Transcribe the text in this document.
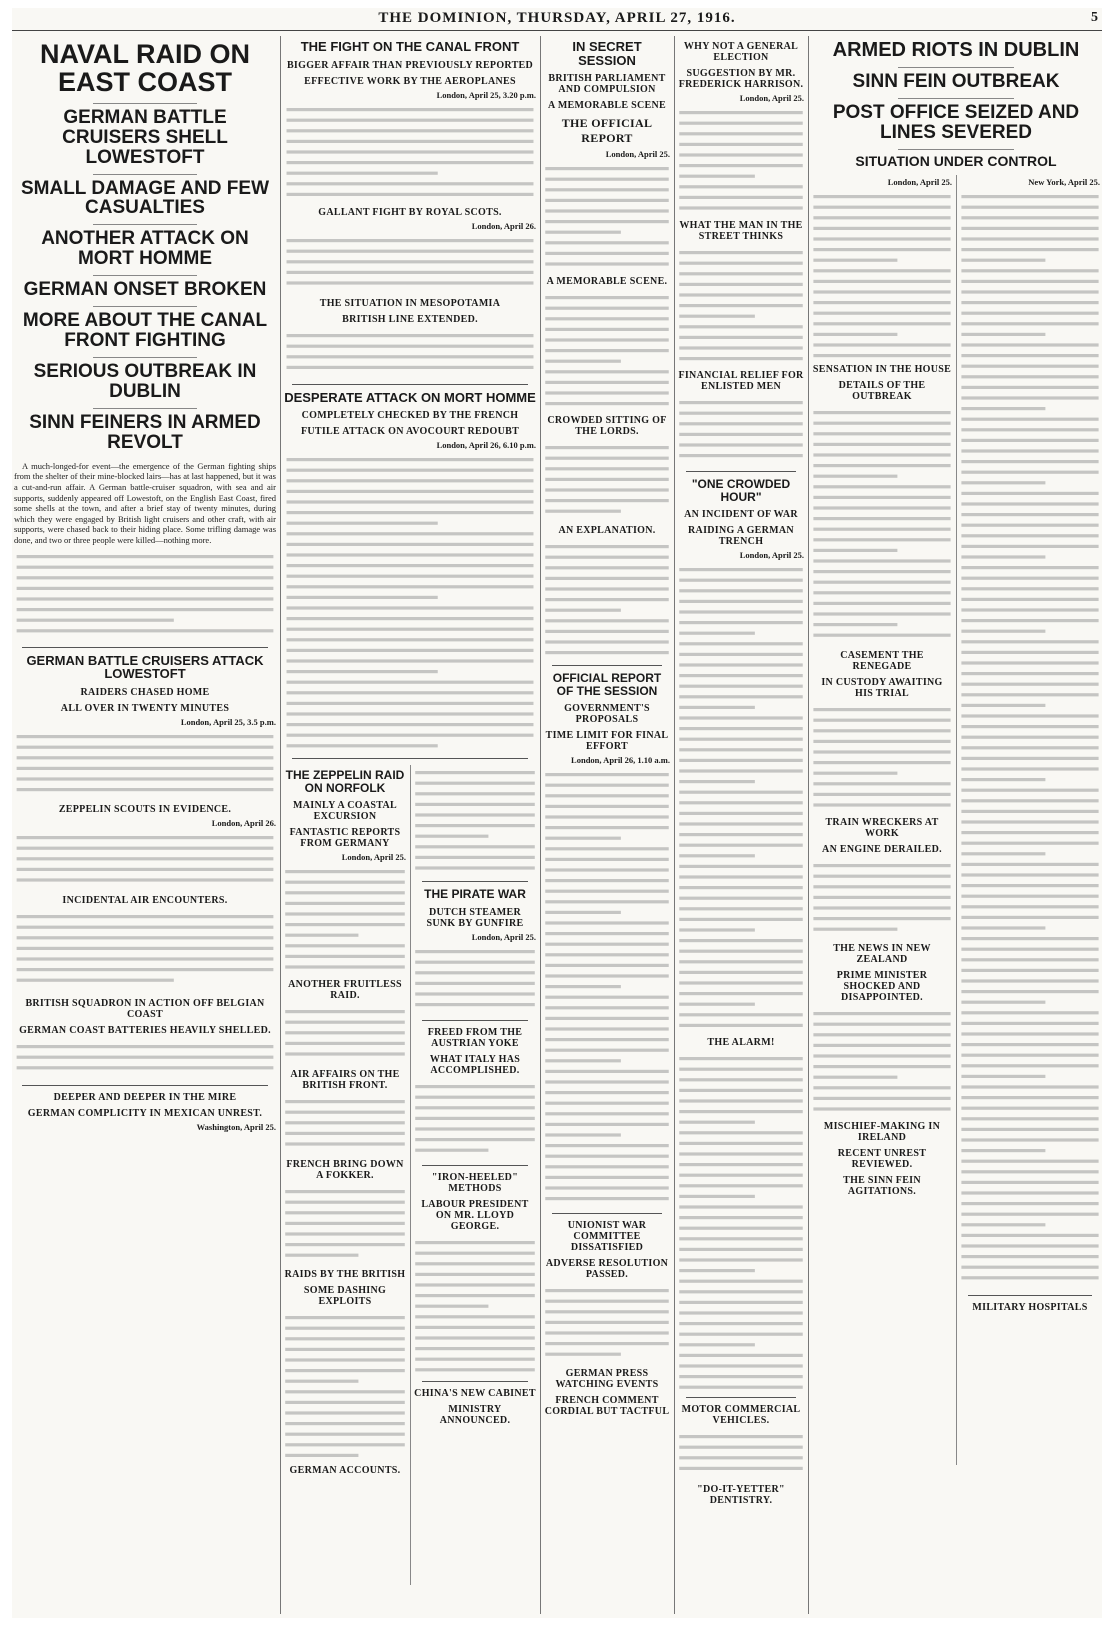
THE DOMINION, THURSDAY, APRIL 27, 1916.	5
NAVAL RAID ON EAST COAST
GERMAN BATTLE CRUISERS SHELL LOWESTOFT
SMALL DAMAGE AND FEW CASUALTIES
ANOTHER ATTACK ON MORT HOMME
GERMAN ONSET BROKEN
MORE ABOUT THE CANAL FRONT FIGHTING
SERIOUS OUTBREAK IN DUBLIN
SINN FEINERS IN ARMED REVOLT

A much-longed-for event—the emergence of the German fighting ships from the shelter of their mine-blocked lairs—has at last happened, but it was a cut-and-run affair. A German battle-cruiser squadron, with sea and air supports, suddenly appeared off Lowestoft, on the English East Coast, fired some shells at the town, and after a brief stay of twenty minutes, during which they were engaged by British light cruisers and other craft, with air supports, were chased back to their hiding place. Some trifling damage was done, and two or three people were killed—nothing more.

GERMAN BATTLE CRUISERS ATTACK LOWESTOFT
RAIDERS CHASED HOME
ALL OVER IN TWENTY MINUTES
London, April 25, 3.5 p.m.
ZEPPELIN SCOUTS IN EVIDENCE.
London, April 26.
INCIDENTAL AIR ENCOUNTERS.
BRITISH SQUADRON IN ACTION OFF BELGIAN COAST
GERMAN COAST BATTERIES HEAVILY SHELLED.
DEEPER AND DEEPER IN THE MIRE
GERMAN COMPLICITY IN MEXICAN UNREST.
Washington, April 25.
THE FIGHT ON THE CANAL FRONT
BIGGER AFFAIR THAN PREVIOUSLY REPORTED
EFFECTIVE WORK BY THE AEROPLANES
London, April 25, 3.20 p.m.
GALLANT FIGHT BY ROYAL SCOTS.
London, April 26.
THE SITUATION IN MESOPOTAMIA
BRITISH LINE EXTENDED.
DESPERATE ATTACK ON MORT HOMME
COMPLETELY CHECKED BY THE FRENCH
FUTILE ATTACK ON AVOCOURT REDOUBT
London, April 26, 6.10 p.m.
THE ZEPPELIN RAID ON NORFOLK
MAINLY A COASTAL EXCURSION
FANTASTIC REPORTS FROM GERMANY
London, April 25.
ANOTHER FRUITLESS RAID.
AIR AFFAIRS ON THE BRITISH FRONT.
FRENCH BRING DOWN A FOKKER.
RAIDS BY THE BRITISH
SOME DASHING EXPLOITS
GERMAN ACCOUNTS.
THE PIRATE WAR
DUTCH STEAMER SUNK BY GUNFIRE
London, April 25.
FREED FROM THE AUSTRIAN YOKE
WHAT ITALY HAS ACCOMPLISHED.
"IRON-HEELED" METHODS
LABOUR PRESIDENT ON MR. LLOYD GEORGE.
CHINA'S NEW CABINET
MINISTRY ANNOUNCED.
IN SECRET SESSION
BRITISH PARLIAMENT AND COMPULSION
A MEMORABLE SCENE
THE OFFICIAL REPORT
London, April 25.
A MEMORABLE SCENE.
CROWDED SITTING OF THE LORDS.
AN EXPLANATION.
OFFICIAL REPORT OF THE SESSION
GOVERNMENT'S PROPOSALS
TIME LIMIT FOR FINAL EFFORT
London, April 26, 1.10 a.m.
UNIONIST WAR COMMITTEE DISSATISFIED
ADVERSE RESOLUTION PASSED.
GERMAN PRESS WATCHING EVENTS
FRENCH COMMENT CORDIAL BUT TACTFUL
WHY NOT A GENERAL ELECTION
SUGGESTION BY MR. FREDERICK HARRISON.
London, April 25.
WHAT THE MAN IN THE STREET THINKS
FINANCIAL RELIEF FOR ENLISTED MEN
"ONE CROWDED HOUR"
AN INCIDENT OF WAR
RAIDING A GERMAN TRENCH
London, April 25.
THE ALARM!
MOTOR COMMERCIAL VEHICLES.
"DO-IT-YETTER" DENTISTRY.
ARMED RIOTS IN DUBLIN
SINN FEIN OUTBREAK
POST OFFICE SEIZED AND LINES SEVERED
SITUATION UNDER CONTROL
London, April 25.
SENSATION IN THE HOUSE
DETAILS OF THE OUTBREAK
CASEMENT THE RENEGADE
IN CUSTODY AWAITING HIS TRIAL
TRAIN WRECKERS AT WORK
AN ENGINE DERAILED.
THE NEWS IN NEW ZEALAND
PRIME MINISTER SHOCKED AND DISAPPOINTED.
MISCHIEF-MAKING IN IRELAND
RECENT UNREST REVIEWED.
THE SINN FEIN AGITATIONS.
New York, April 25.
MILITARY HOSPITALS
